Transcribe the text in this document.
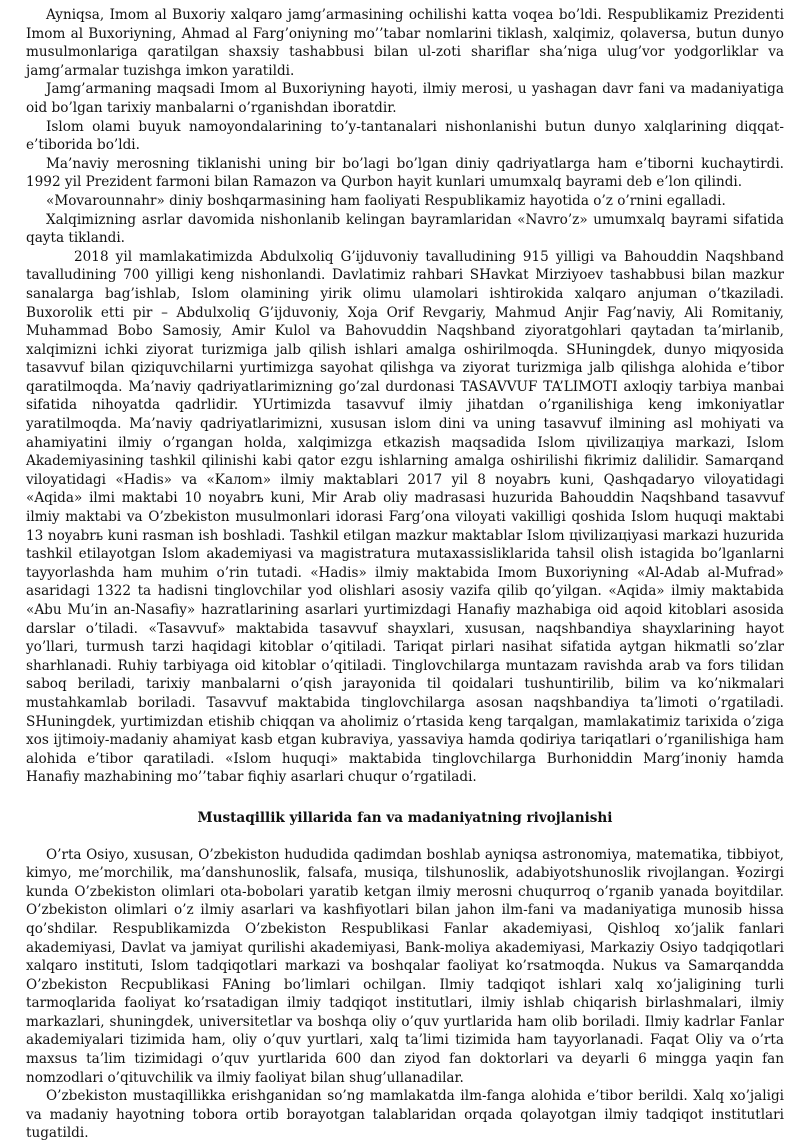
Ayniqsa, Imom al Buxoriy xalqaro jamg’armasining ochilishi katta voqea bo’ldi. Respublikamiz Prezidenti Imom al Buxoriyning, Ahmad al Farg’oniyning mo’’tabar nomlarini tiklash, xalqimiz, qolaversa, butun dunyo musulmonlariga qaratilgan shaxsiy tashabbusi bilan ul-zoti shariflar sha’niga ulug’vor yodgorliklar va jamg’armalar tuzishga imkon yaratildi.

Jamg’armaning maqsadi Imom al Buxoriyning hayoti, ilmiy merosi, u yashagan davr fani va madaniyatiga oid bo’lgan tarixiy manbalarni o’rganishdan iboratdir.

Islom olami buyuk namoyondalarining to’y-tantanalari nishonlanishi butun dunyo xalqlarining diqqat-e’tiborida bo’ldi.

Ma’naviy merosning tiklanishi uning bir bo’lagi bo’lgan diniy qadriyatlarga ham e’tiborni kuchaytirdi. 1992 yil Prezident farmoni bilan Ramazon va Qurbon hayit kunlari umumxalq bayrami deb e’lon qilindi.

«Movarounnahr» diniy boshqarmasining ham faoliyati Respublikamiz hayotida o’z o’rnini egalladi.

Xalqimizning asrlar davomida nishonlanib kelingan bayramlaridan «Navro’z» umumxalq bayrami sifatida qayta tiklandi.

2018 yil mamlakatimizda Abdulxoliq G’ijduvoniy tavalludining 915 yilligi va Bahouddin Naqshband tavalludining 700 yilligi keng nishonlandi. Davlatimiz rahbari SHavkat Mirziyoev tashabbusi bilan mazkur sanalarga bag’ishlab, Islom olamining yirik olimu ulamolari ishtirokida xalqaro anjuman o’tkaziladi. Buxorolik etti pir – Abdulxoliq G’ijduvoniy, Xoja Orif Revgariy, Mahmud Anjir Fag’naviy, Ali Romitaniy, Muhammad Bobo Samosiy, Amir Kulol va Bahovuddin Naqshband ziyoratgohlari qaytadan ta’mirlanib, xalqimizni ichki ziyorat turizmiga jalb qilish ishlari amalga oshirilmoqda. SHuningdek, dunyo miqyosida tasavvuf bilan qiziquvchilarni yurtimizga sayohat qilishga va ziyorat turizmiga jalb qilishga alohida e’tibor qaratilmoqda. Ma’naviy qadriyatlarimizning go’zal durdonasi TASAVVUF TA’LIMOTI axloqiy tarbiya manbai sifatida nihoyatda qadrlidir. YUrtimizda tasavvuf ilmiy jihatdan o’rganilishiga keng imkoniyatlar yaratilmoqda. Ma’naviy qadriyatlarimizni, xususan islom dini va uning tasavvuf ilmining asl mohiyati va ahamiyatini ilmiy o’rgangan holda, xalqimizga etkazish maqsadida Islom цivilizaцiya markazi, Islom Akademiyasining tashkil qilinishi kabi qator ezgu ishlarning amalga oshirilishi fikrimiz dalilidir. Samarqand viloyatidagi «Hadis» va «Kaлom» ilmiy maktablari 2017 yil 8 noyabrь kuni, Qashqadaryo viloyatidagi «Aqida» ilmi maktabi 10 noyabrь kuni, Mir Arab oliy madrasasi huzurida Bahouddin Naqshband tasavvuf ilmiy maktabi va O’zbekiston musulmonlari idorasi Farg’ona viloyati vakilligi qoshida Islom huquqi maktabi 13 noyabrь kuni rasman ish boshladi. Tashkil etilgan mazkur maktablar Islom цivilizaцiyasi markazi huzurida tashkil etilayotgan Islom akademiyasi va magistratura mutaxassisliklarida tahsil olish istagida bo’lganlarni tayyorlashda ham muhim o’rin tutadi. «Hadis» ilmiy maktabida Imom Buxoriyning «Al-Adab al-Mufrad» asaridagi 1322 ta hadisni tinglovchilar yod olishlari asosiy vazifa qilib qo’yilgan. «Aqida» ilmiy maktabida «Abu Mu’in an-Nasafiy» hazratlarining asarlari yurtimizdagi Hanafiy mazhabiga oid aqoid kitoblari asosida darslar o’tiladi. «Tasavvuf» maktabida tasavvuf shayxlari, xususan, naqshbandiya shayxlarining hayot yo’llari, turmush tarzi haqidagi kitoblar o’qitiladi. Tariqat pirlari nasihat sifatida aytgan hikmatli so’zlar sharhlanadi. Ruhiy tarbiyaga oid kitoblar o’qitiladi. Tinglovchilarga muntazam ravishda arab va fors tilidan saboq beriladi, tarixiy manbalarni o’qish jarayonida til qoidalari tushuntirilib, bilim va ko’nikmalari mustahkamlab boriladi. Tasavvuf maktabida tinglovchilarga asosan naqshbandiya ta’limoti o’rgatiladi. SHuningdek, yurtimizdan etishib chiqqan va aholimiz o’rtasida keng tarqalgan, mamlakatimiz tarixida o’ziga xos ijtimoiy-madaniy ahamiyat kasb etgan kubraviya, yassaviya hamda qodiriya tariqatlari o’rganilishiga ham alohida e’tibor qaratiladi. «Islom huquqi» maktabida tinglovchilarga Burhoniddin Marg’inoniy hamda Hanafiy mazhabining mo’’tabar fiqhiy asarlari chuqur o’rgatiladi.

Mustaqillik yillarida fan va madaniyatning rivojlanishi

O’rta Osiyo, xususan, O’zbekiston hududida qadimdan boshlab ayniqsa astronomiya, matematika, tibbiyot, kimyo, me’morchilik, ma’danshunoslik, falsafa, musiqa, tilshunoslik, adabiyotshunoslik rivojlangan. ¥ozirgi kunda O’zbekiston olimlari ota-bobolari yaratib ketgan ilmiy merosni chuqurroq o’rganib yanada boyitdilar. O’zbekiston olimlari o’z ilmiy asarlari va kashfiyotlari bilan jahon ilm-fani va madaniyatiga munosib hissa qo’shdilar. Respublikamizda O’zbekiston Respublikasi Fanlar akademiyasi, Qishloq xo’jalik fanlari akademiyasi, Davlat va jamiyat qurilishi akademiyasi, Bank-moliya akademiyasi, Markaziy Osiyo tadqiqotlari xalqaro instituti, Islom tadqiqotlari markazi va boshqalar faoliyat ko’rsatmoqda. Nukus va Samarqandda O’zbekiston Recpublikasi FAning bo’limlari ochilgan. Ilmiy tadqiqot ishlari xalq xo’jaligining turli tarmoqlarida faoliyat ko’rsatadigan ilmiy tadqiqot institutlari, ilmiy ishlab chiqarish birlashmalari, ilmiy markazlari, shuningdek, universitetlar va boshqa oliy o’quv yurtlarida ham olib boriladi. Ilmiy kadrlar Fanlar akademiyalari tizimida ham, oliy o’quv yurtlari, xalq ta’limi tizimida ham tayyorlanadi. Faqat Oliy va o’rta maxsus ta’lim tizimidagi o’quv yurtlarida 600 dan ziyod fan doktorlari va deyarli 6 mingga yaqin fan nomzodlari o’qituvchilik va ilmiy faoliyat bilan shug’ullanadilar.

O’zbekiston mustaqillikka erishganidan so’ng mamlakatda ilm-fanga alohida e’tibor berildi. Xalq xo’jaligi va madaniy hayotning tobora ortib borayotgan talablaridan orqada qolayotgan ilmiy tadqiqot institutlari tugatildi.
